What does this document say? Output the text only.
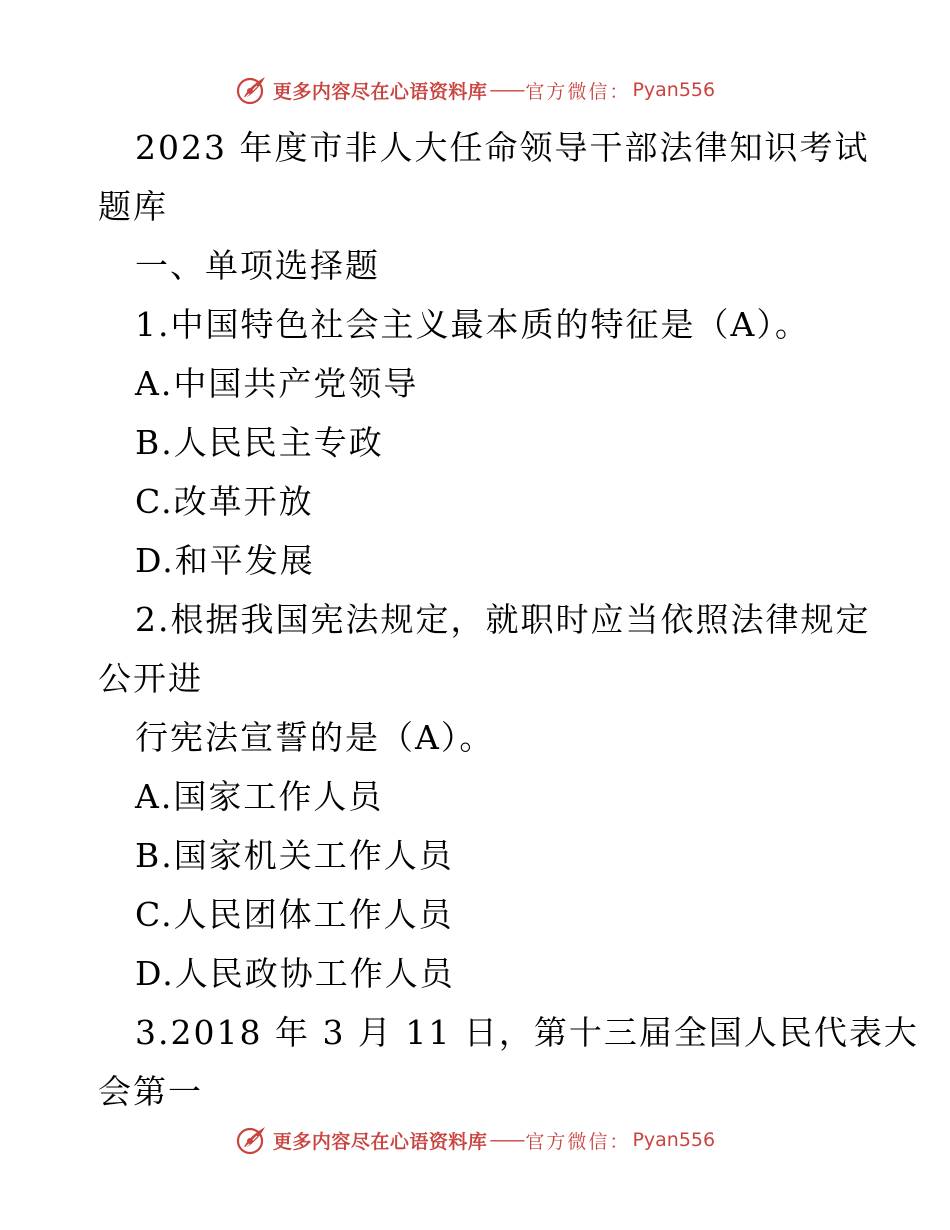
更多内容尽在心语资料库 —— 官方微信： Pyan556
2023 年度市非人大任命领导干部法律知识考试
题库
一、单项选择题
1.中国特色社会主义最本质的特征是（A）。
A.中国共产党领导
B.人民民主专政
C.改革开放
D.和平发展
2.根据我国宪法规定，就职时应当依照法律规定
公开进
行宪法宣誓的是（A）。
A.国家工作人员
B.国家机关工作人员
C.人民团体工作人员
D.人民政协工作人员
3.2018 年 3 月 11 日，第十三届全国人民代表大
会第一
更多内容尽在心语资料库 —— 官方微信： Pyan556
